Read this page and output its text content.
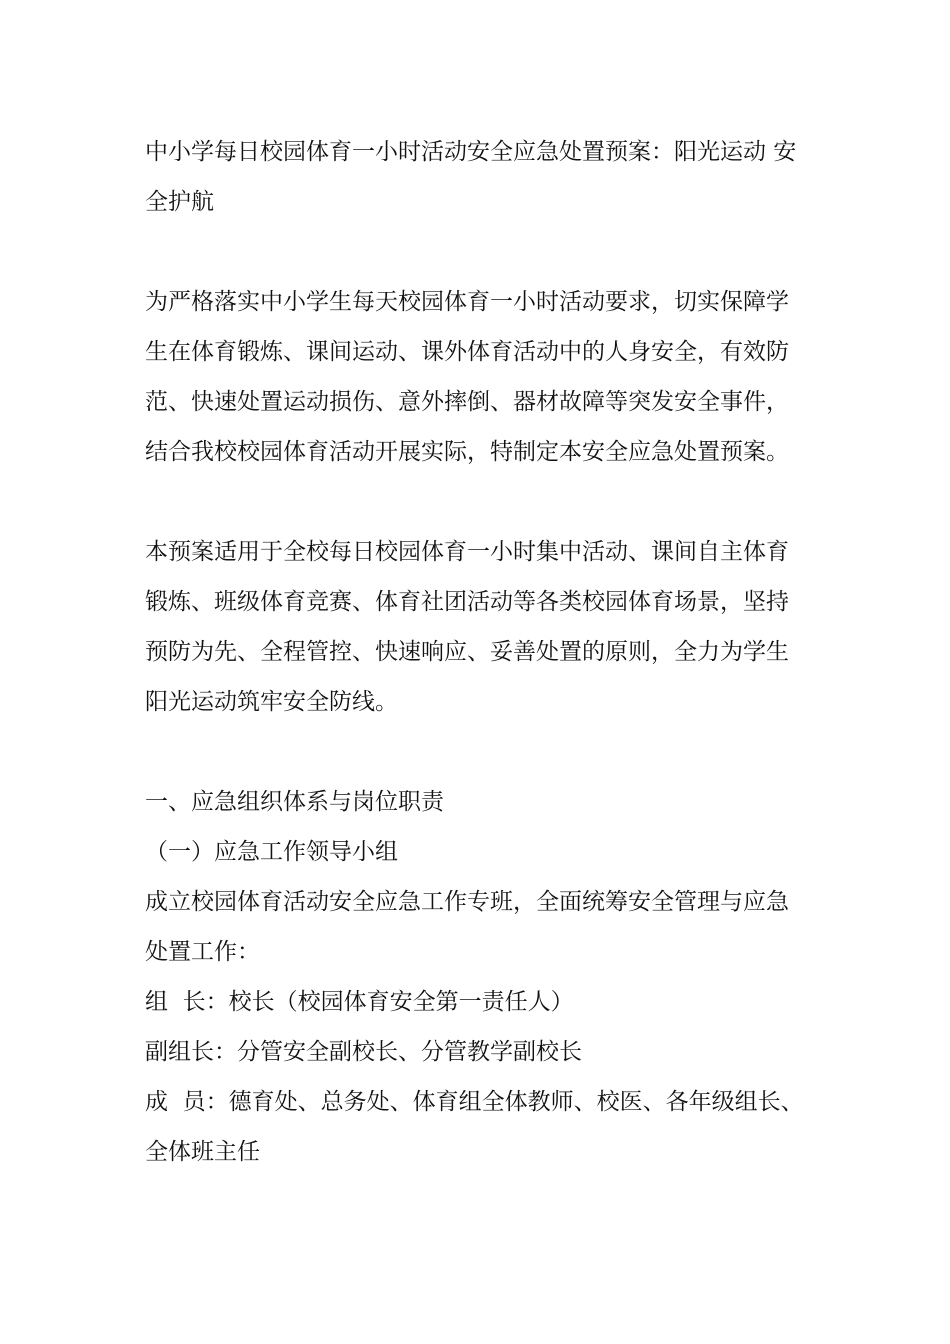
中小学每日校园体育一小时活动安全应急处置预案：阳光运动 安全护航

为严格落实中小学生每天校园体育一小时活动要求，切实保障学生在体育锻炼、课间运动、课外体育活动中的人身安全，有效防范、快速处置运动损伤、意外摔倒、器材故障等突发安全事件，结合我校校园体育活动开展实际，特制定本安全应急处置预案。

本预案适用于全校每日校园体育一小时集中活动、课间自主体育锻炼、班级体育竞赛、体育社团活动等各类校园体育场景，坚持预防为先、全程管控、快速响应、妥善处置的原则，全力为学生阳光运动筑牢安全防线。

一、应急组织体系与岗位职责

（一）应急工作领导小组

成立校园体育活动安全应急工作专班，全面统筹安全管理与应急处置工作：

组  长：校长（校园体育安全第一责任人）

副组长：分管安全副校长、分管教学副校长

成  员：德育处、总务处、体育组全体教师、校医、各年级组长、全体班主任
